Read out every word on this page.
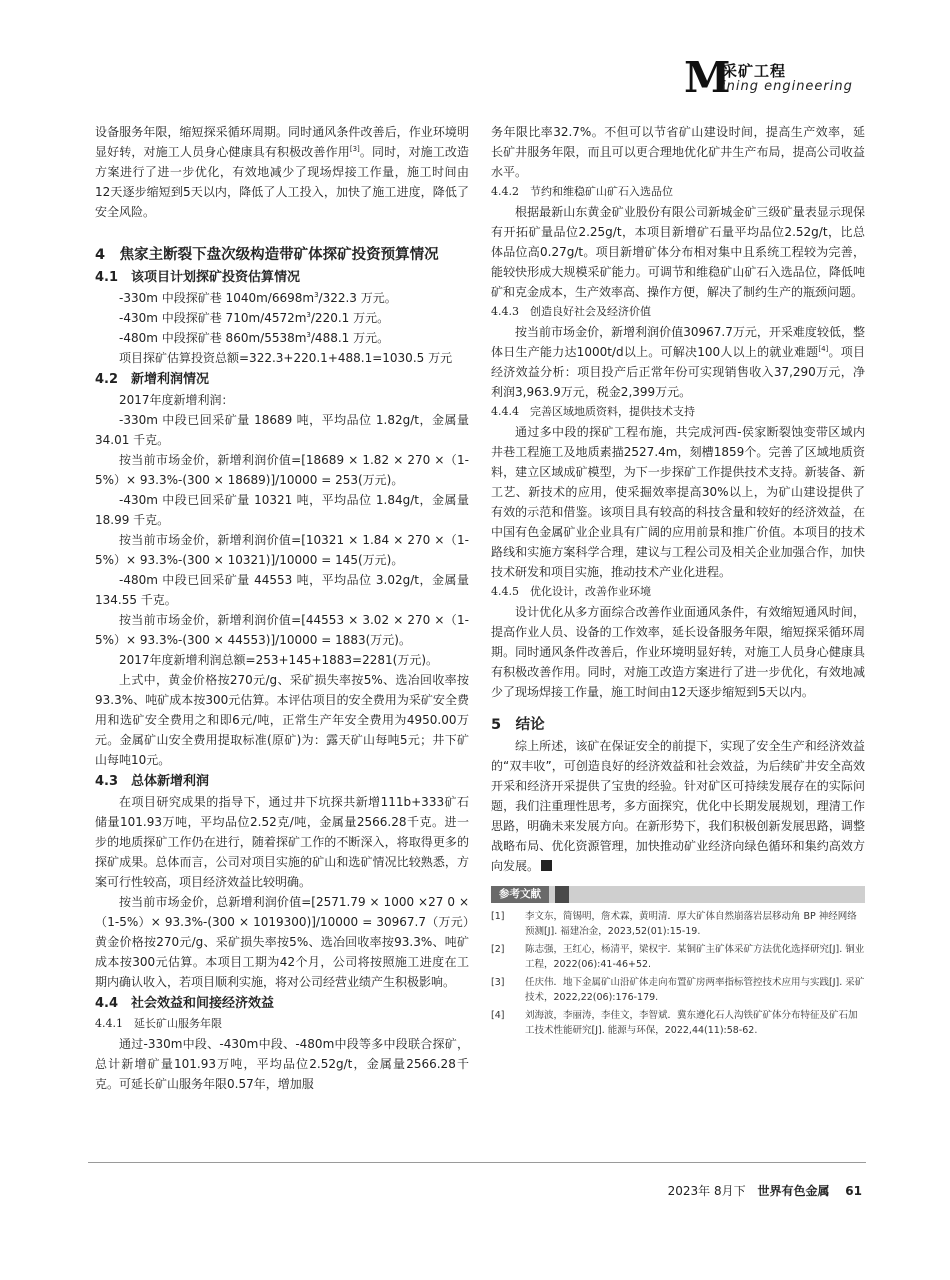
M
采矿工程
ining engineering

设备服务年限，缩短探采循环周期。同时通风条件改善后，作业环境明显好转，对施工人员身心健康具有积极改善作用[3]。同时，对施工改造方案进行了进一步优化，有效地减少了现场焊接工作量，施工时间由12天逐步缩短到5天以内，降低了人工投入，加快了施工进度，降低了安全风险。

4　焦家主断裂下盘次级构造带矿体探矿投资预算情况

4.1　该项目计划探矿投资估算情况

-330m 中段探矿巷 $1040m/6698m^3/322.3$ 万元。

-430m 中段探矿巷 $710m/4572m^3/220.1$ 万元。

-480m 中段探矿巷 $860m/5538m^3/488.1$ 万元。

项目探矿估算投资总额=322.3+220.1+488.1=1030.5 万元

4.2　新增利润情况

2017年度新增利润：

-330m 中段已回采矿量 18689 吨，平均品位 1.82g/t，金属量 34.01 千克。

按当前市场金价，新增利润价值=[18689 × 1.82 × 270 ×（1-5%）× 93.3%-(300 × 18689)]/10000 = 253(万元)。

-430m 中段已回采矿量 10321 吨，平均品位 1.84g/t，金属量 18.99 千克。

按当前市场金价，新增利润价值=[10321 × 1.84 × 270 ×（1-5%）× 93.3%-(300 × 10321)]/10000 = 145(万元)。

-480m 中段已回采矿量 44553 吨，平均品位 3.02g/t，金属量 134.55 千克。

按当前市场金价，新增利润价值=[44553 × 3.02 × 270 ×（1-5%）× 93.3%-(300 × 44553)]/10000 = 1883(万元)。

2017年度新增利润总额=253+145+1883=2281(万元)。

上式中，黄金价格按270元/g、采矿损失率按5%、选冶回收率按93.3%、吨矿成本按300元估算。本评估项目的安全费用为采矿安全费用和选矿安全费用之和即6元/吨，正常生产年安全费用为4950.00万元。金属矿山安全费用提取标准(原矿)为：露天矿山每吨5元；井下矿山每吨10元。

4.3　总体新增利润

在项目研究成果的指导下，通过井下坑探共新增111b+333矿石储量101.93万吨，平均品位2.52克/吨，金属量2566.28千克。进一步的地质探矿工作仍在进行，随着探矿工作的不断深入，将取得更多的探矿成果。总体而言，公司对项目实施的矿山和选矿情况比较熟悉，方案可行性较高，项目经济效益比较明确。

按当前市场金价，总新增利润价值=[2571.79 × 1000 ×27 0 ×（1-5%）× 93.3%-(300 × 1019300)]/10000 = 30967.7（万元）黄金价格按270元/g、采矿损失率按5%、选冶回收率按93.3%、吨矿成本按300元估算。本项目工期为42个月，公司将按照施工进度在工期内确认收入，若项目顺利实施，将对公司经营业绩产生积极影响。

4.4　社会效益和间接经济效益

4.4.1　延长矿山服务年限

通过-330m中段、-430m中段、-480m中段等多中段联合探矿，总计新增矿量101.93万吨，平均品位2.52g/t，金属量2566.28千克。可延长矿山服务年限0.57年，增加服

务年限比率32.7%。不但可以节省矿山建设时间，提高生产效率，延长矿井服务年限，而且可以更合理地优化矿井生产布局，提高公司收益水平。

4.4.2　节约和维稳矿山矿石入选品位

根据最新山东黄金矿业股份有限公司新城金矿三级矿量表显示现保有开拓矿量品位2.25g/t，本项目新增矿石量平均品位2.52g/t，比总体品位高0.27g/t。项目新增矿体分布相对集中且系统工程较为完善，能较快形成大规模采矿能力。可调节和维稳矿山矿石入选品位，降低吨矿和克金成本，生产效率高、操作方便，解决了制约生产的瓶颈问题。

4.4.3　创造良好社会及经济价值

按当前市场金价，新增利润价值30967.7万元，开采难度较低，整体日生产能力达1000t/d以上。可解决100人以上的就业难题[4]。项目经济效益分析：项目投产后正常年份可实现销售收入37,290万元，净利润3,963.9万元，税金2,399万元。

4.4.4　完善区域地质资料，提供技术支持

通过多中段的探矿工程布施，共完成河西-侯家断裂蚀变带区域内井巷工程施工及地质素描2527.4m，刻槽1859个。完善了区域地质资料，建立区域成矿模型，为下一步探矿工作提供技术支持。新装备、新工艺、新技术的应用，使采掘效率提高30%以上，为矿山建设提供了有效的示范和借鉴。该项目具有较高的科技含量和较好的经济效益，在中国有色金属矿业企业具有广阔的应用前景和推广价值。本项目的技术路线和实施方案科学合理，建议与工程公司及相关企业加强合作，加快技术研发和项目实施，推动技术产业化进程。

4.4.5　优化设计，改善作业环境

设计优化从多方面综合改善作业面通风条件，有效缩短通风时间，提高作业人员、设备的工作效率，延长设备服务年限，缩短探采循环周期。同时通风条件改善后，作业环境明显好转，对施工人员身心健康具有积极改善作用。同时，对施工改造方案进行了进一步优化，有效地减少了现场焊接工作量，施工时间由12天逐步缩短到5天以内。

5　结论

综上所述，该矿在保证安全的前提下，实现了安全生产和经济效益的“双丰收”，可创造良好的经济效益和社会效益，为后续矿井安全高效开采和经济开采提供了宝贵的经验。针对矿区可持续发展存在的实际问题，我们注重理性思考，多方面探究，优化中长期发展规划，理清工作思路，明确未来发展方向。在新形势下，我们积极创新发展思路，调整战略布局、优化资源管理，加快推动矿业经济向绿色循环和集约高效方向发展。

参考文献
[1] 李文东，简锡明，詹术霖，黄明清．厚大矿体自然崩落岩层移动角 BP 神经网络预测[J]. 福建冶金，2023,52(01):15-19.
[2] 陈志强，王红心，杨清平，梁权宇．某铜矿主矿体采矿方法优化选择研究[J]. 铜业工程，2022(06):41-46+52.
[3] 任庆伟．地下金属矿山沿矿体走向布置矿房两率指标管控技术应用与实践[J]. 采矿技术，2022,22(06):176-179.
[4] 刘海波，李丽涛，李佳文，李智斌．冀东遵化石人沟铁矿矿体分布特征及矿石加工技术性能研究[J]. 能源与环保，2022,44(11):58-62.
2023年 8月下 世界有色金属 61
